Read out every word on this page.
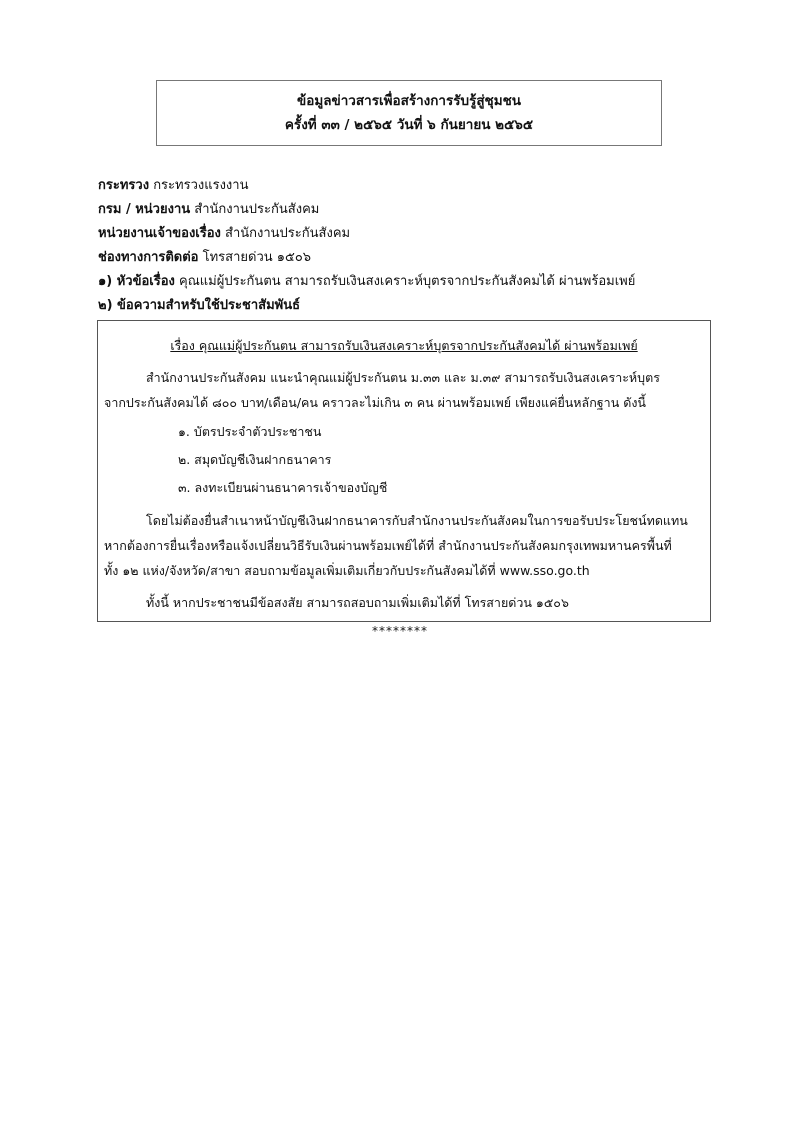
ข้อมูลข่าวสารเพื่อสร้างการรับรู้สู่ชุมชน
ครั้งที่ ๓๓ / ๒๕๖๕ วันที่ ๖ กันยายน ๒๕๖๕
กระทรวง กระทรวงแรงงาน
กรม / หน่วยงาน สำนักงานประกันสังคม
หน่วยงานเจ้าของเรื่อง สำนักงานประกันสังคม
ช่องทางการติดต่อ โทรสายด่วน ๑๕๐๖
๑) หัวข้อเรื่อง คุณแม่ผู้ประกันตน สามารถรับเงินสงเคราะห์บุตรจากประกันสังคมได้ ผ่านพร้อมเพย์
๒) ข้อความสำหรับใช้ประชาสัมพันธ์
เรื่อง คุณแม่ผู้ประกันตน สามารถรับเงินสงเคราะห์บุตรจากประกันสังคมได้ ผ่านพร้อมเพย์
สำนักงานประกันสังคม แนะนำคุณแม่ผู้ประกันตน ม.๓๓ และ ม.๓๙ สามารถรับเงินสงเคราะห์บุตร
จากประกันสังคมได้ ๘๐๐ บาท/เดือน/คน คราวละไม่เกิน ๓ คน ผ่านพร้อมเพย์ เพียงแค่ยื่นหลักฐาน ดังนี้
๑. บัตรประจำตัวประชาชน
๒. สมุดบัญชีเงินฝากธนาคาร
๓. ลงทะเบียนผ่านธนาคารเจ้าของบัญชี
โดยไม่ต้องยื่นสำเนาหน้าบัญชีเงินฝากธนาคารกับสำนักงานประกันสังคมในการขอรับประโยชน์ทดแทน
หากต้องการยื่นเรื่องหรือแจ้งเปลี่ยนวิธีรับเงินผ่านพร้อมเพย์ได้ที่ สำนักงานประกันสังคมกรุงเทพมหานครพื้นที่
ทั้ง ๑๒ แห่ง/จังหวัด/สาขา สอบถามข้อมูลเพิ่มเติมเกี่ยวกับประกันสังคมได้ที่ www.sso.go.th
ทั้งนี้ หากประชาชนมีข้อสงสัย สามารถสอบถามเพิ่มเติมได้ที่ โทรสายด่วน ๑๕๐๖
********
